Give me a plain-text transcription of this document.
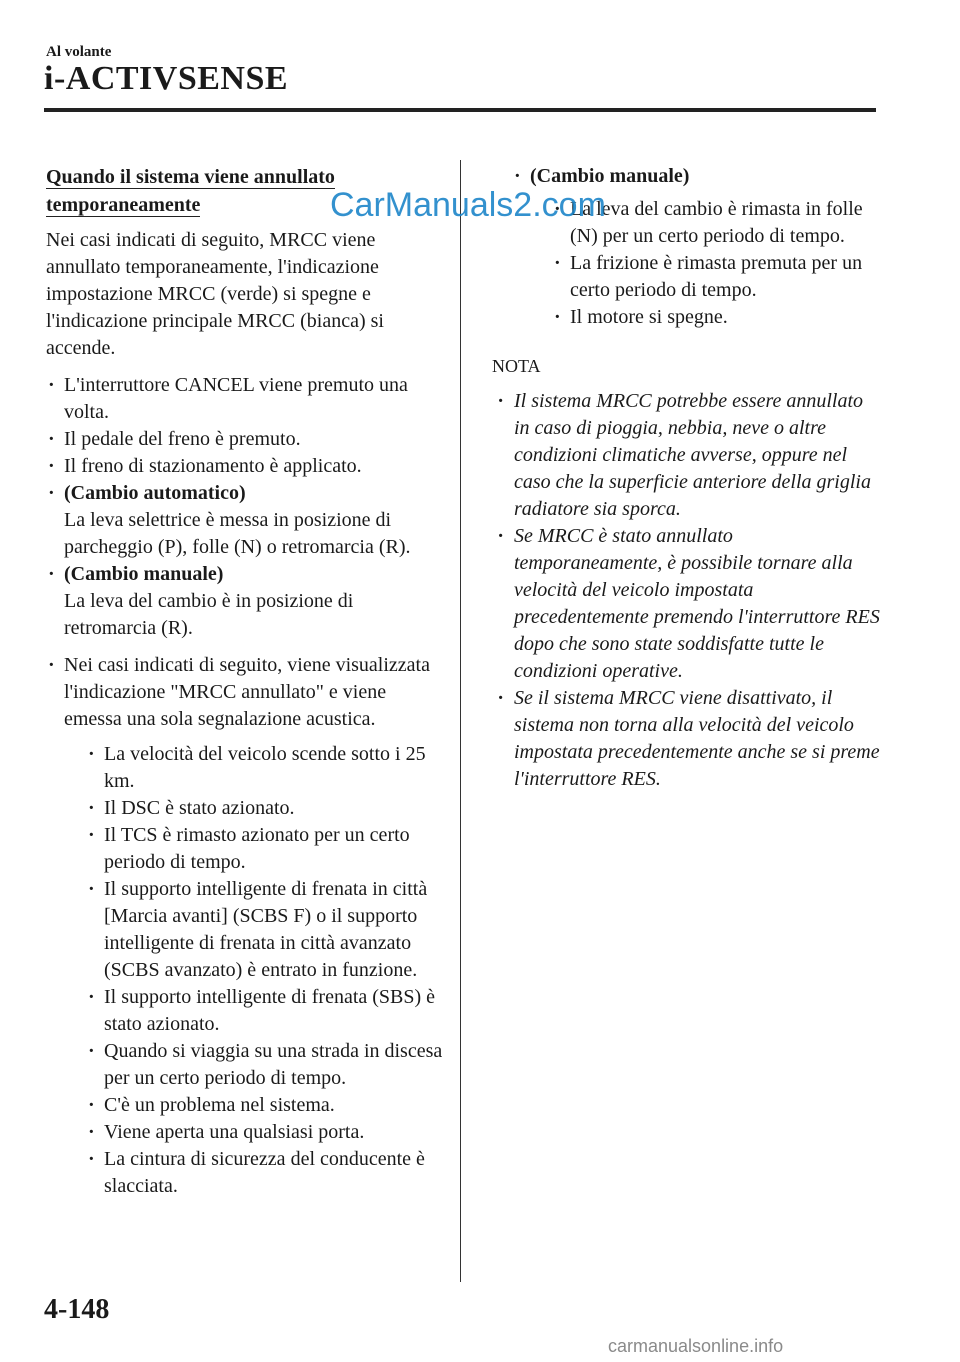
Al volante
i-ACTIVSENSE
Quando il sistema viene annullato
temporaneamente

Nei casi indicati di seguito, MRCC viene annullato temporaneamente, l'indicazione impostazione MRCC (verde) si spegne e l'indicazione principale MRCC (bianca) si accende.

· L'interruttore CANCEL viene premuto una volta.
· Il pedale del freno è premuto.
· Il freno di stazionamento è applicato.
· (Cambio automatico)
La leva selettrice è messa in posizione di parcheggio (P), folle (N) o retromarcia (R).
· (Cambio manuale)
La leva del cambio è in posizione di retromarcia (R).
· Nei casi indicati di seguito, viene visualizzata l'indicazione "MRCC annullato" e viene emessa una sola segnalazione acustica.
· La velocità del veicolo scende sotto i 25 km.
· Il DSC è stato azionato.
· Il TCS è rimasto azionato per un certo periodo di tempo.
· Il supporto intelligente di frenata in città [Marcia avanti] (SCBS F) o il supporto intelligente di frenata in città avanzato (SCBS avanzato) è entrato in funzione.
· Il supporto intelligente di frenata (SBS) è stato azionato.
· Quando si viaggia su una strada in discesa per un certo periodo di tempo.
· C'è un problema nel sistema.
· Viene aperta una qualsiasi porta.
· La cintura di sicurezza del conducente è slacciata.
· (Cambio manuale)
· La leva del cambio è rimasta in folle (N) per un certo periodo di tempo.
· La frizione è rimasta premuta per un certo periodo di tempo.
· Il motore si spegne.
NOTA
· Il sistema MRCC potrebbe essere annullato in caso di pioggia, nebbia, neve o altre condizioni climatiche avverse, oppure nel caso che la superficie anteriore della griglia radiatore sia sporca.
· Se MRCC è stato annullato temporaneamente, è possibile tornare alla velocità del veicolo impostata precedentemente premendo l'interruttore RES dopo che sono state soddisfatte tutte le condizioni operative.
· Se il sistema MRCC viene disattivato, il sistema non torna alla velocità del veicolo impostata precedentemente anche se si preme l'interruttore RES.
4-148
CarManuals2.com
carmanualsonline.info
